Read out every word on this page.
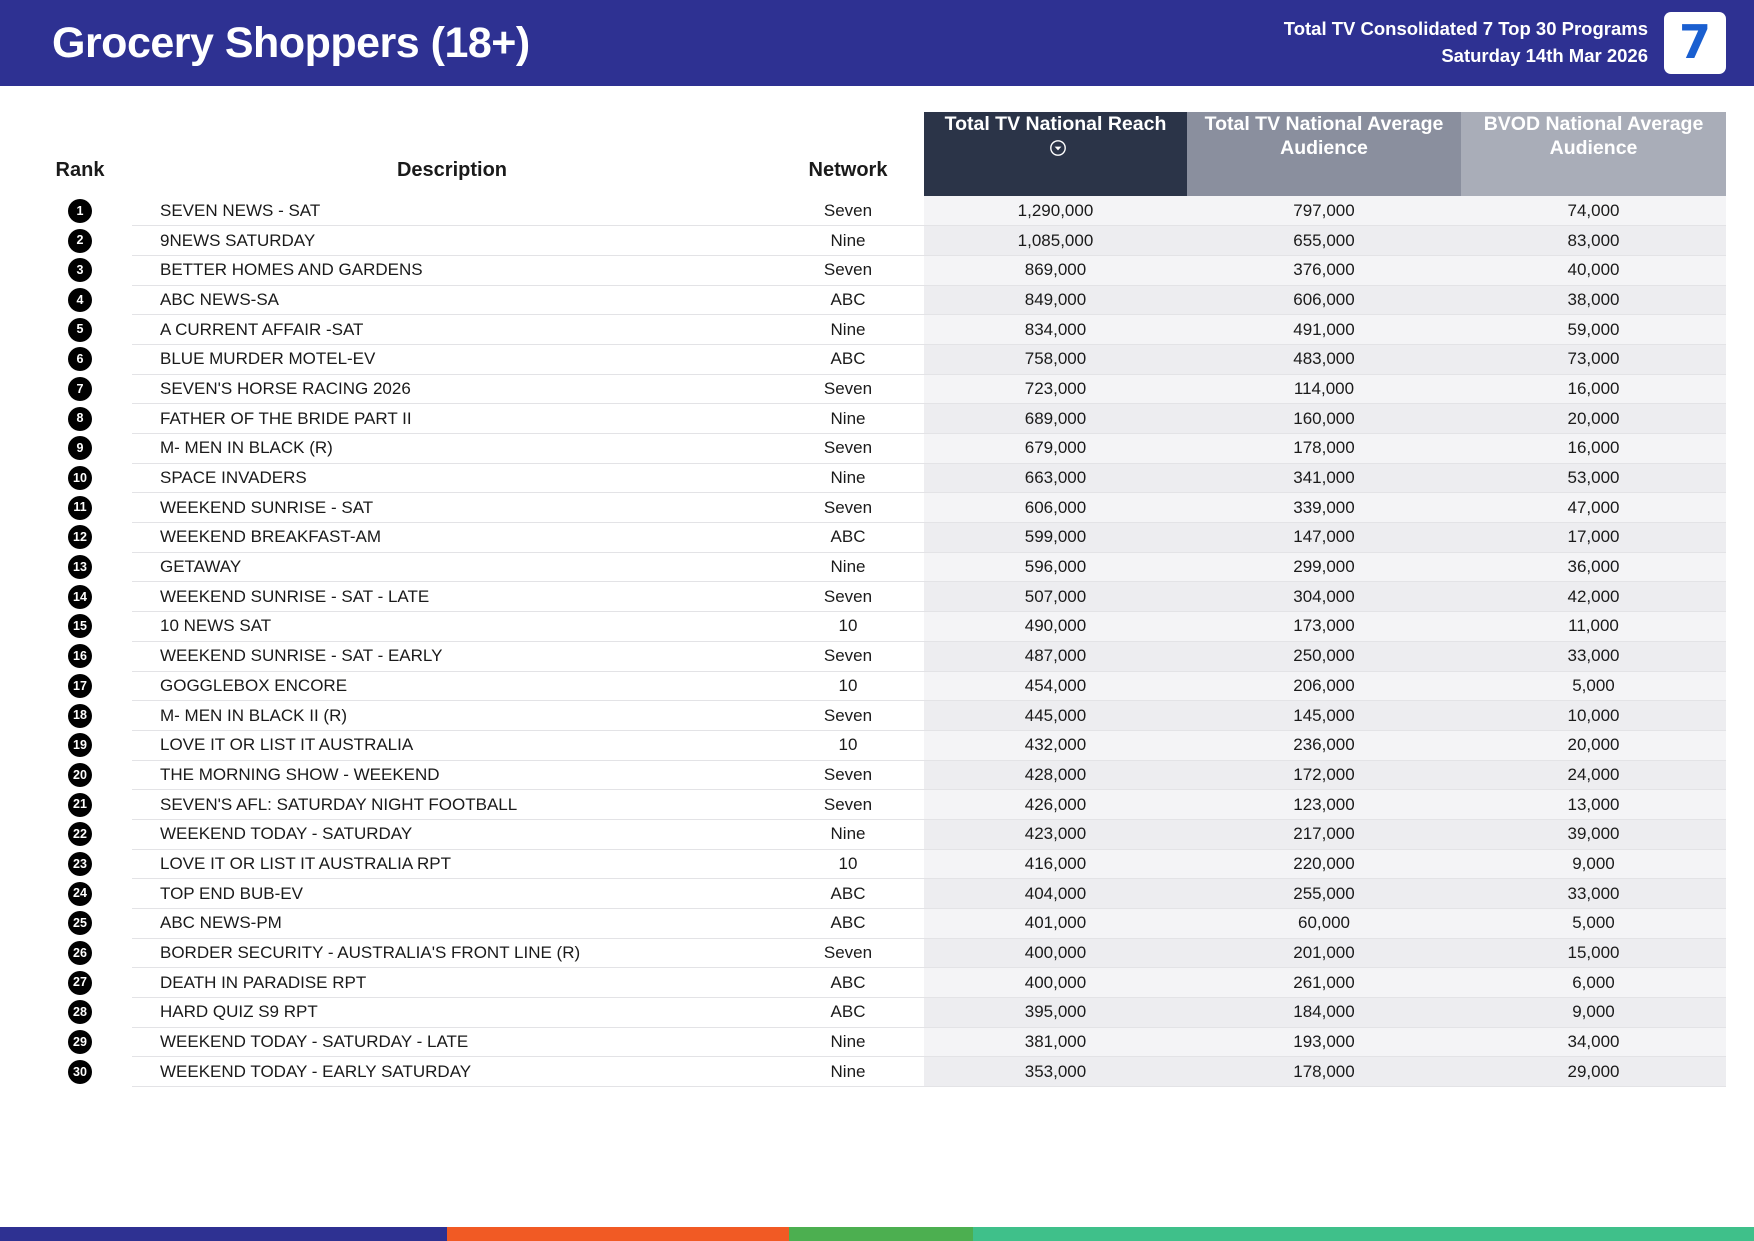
Grocery Shoppers (18+)	Total TV Consolidated 7 Top 30 Programs
Saturday 14th Mar 2026 7
Rank	Description	Network	Total TV National Reach	Total TV National Average Audience	BVOD National Average Audience

1	SEVEN NEWS - SAT	Seven	1,290,000	797,000	74,000
2	9NEWS SATURDAY	Nine	1,085,000	655,000	83,000
3	BETTER HOMES AND GARDENS	Seven	869,000	376,000	40,000
4	ABC NEWS-SA	ABC	849,000	606,000	38,000
5	A CURRENT AFFAIR -SAT	Nine	834,000	491,000	59,000
6	BLUE MURDER MOTEL-EV	ABC	758,000	483,000	73,000
7	SEVEN'S HORSE RACING 2026	Seven	723,000	114,000	16,000
8	FATHER OF THE BRIDE PART II	Nine	689,000	160,000	20,000
9	M- MEN IN BLACK (R)	Seven	679,000	178,000	16,000
10	SPACE INVADERS	Nine	663,000	341,000	53,000
11	WEEKEND SUNRISE - SAT	Seven	606,000	339,000	47,000
12	WEEKEND BREAKFAST-AM	ABC	599,000	147,000	17,000
13	GETAWAY	Nine	596,000	299,000	36,000
14	WEEKEND SUNRISE - SAT - LATE	Seven	507,000	304,000	42,000
15	10 NEWS SAT	10	490,000	173,000	11,000
16	WEEKEND SUNRISE - SAT - EARLY	Seven	487,000	250,000	33,000
17	GOGGLEBOX ENCORE	10	454,000	206,000	5,000
18	M- MEN IN BLACK II (R)	Seven	445,000	145,000	10,000
19	LOVE IT OR LIST IT AUSTRALIA	10	432,000	236,000	20,000
20	THE MORNING SHOW - WEEKEND	Seven	428,000	172,000	24,000
21	SEVEN'S AFL: SATURDAY NIGHT FOOTBALL	Seven	426,000	123,000	13,000
22	WEEKEND TODAY - SATURDAY	Nine	423,000	217,000	39,000
23	LOVE IT OR LIST IT AUSTRALIA RPT	10	416,000	220,000	9,000
24	TOP END BUB-EV	ABC	404,000	255,000	33,000
25	ABC NEWS-PM	ABC	401,000	60,000	5,000
26	BORDER SECURITY - AUSTRALIA'S FRONT LINE (R)	Seven	400,000	201,000	15,000
27	DEATH IN PARADISE RPT	ABC	400,000	261,000	6,000
28	HARD QUIZ S9 RPT	ABC	395,000	184,000	9,000
29	WEEKEND TODAY - SATURDAY - LATE	Nine	381,000	193,000	34,000
30	WEEKEND TODAY - EARLY SATURDAY	Nine	353,000	178,000	29,000
